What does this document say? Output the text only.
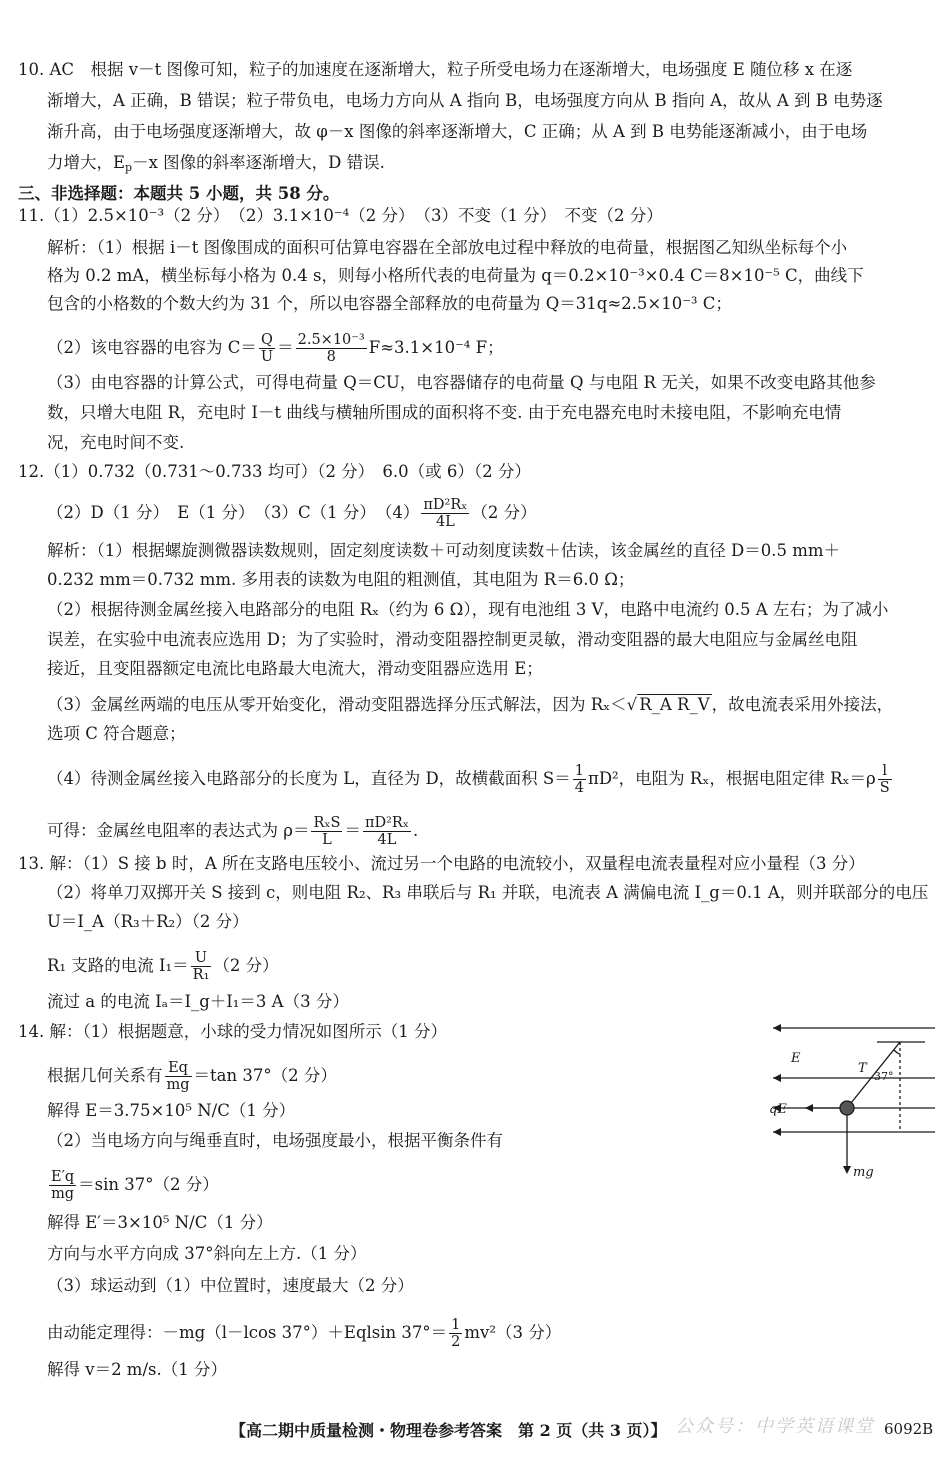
10. AC　根据 v－t 图像可知，粒子的加速度在逐渐增大，粒子所受电场力在逐渐增大，电场强度 E 随位移 x 在逐
渐增大，A 正确，B 错误；粒子带负电，电场力方向从 A 指向 B，电场强度方向从 B 指向 A，故从 A 到 B 电势逐
渐升高，由于电场强度逐渐增大，故 φ－x 图像的斜率逐渐增大，C 正确；从 A 到 B 电势能逐渐减小，由于电场
力增大，$E_p-x$ 图像的斜率逐渐增大，D 错误.
三、非选择题：本题共 5 小题，共 58 分。
11.（1）2.5×10⁻³（2 分）　（2）3.1×10⁻⁴（2 分）　（3）不变（1 分）　不变（2 分）
解析：（1）根据 i－t 图像围成的面积可估算电容器在全部放电过程中释放的电荷量，根据图乙知纵坐标每个小
格为 0.2 mA，横坐标每小格为 0.4 s，则每小格所代表的电荷量为 q＝0.2×10⁻³×0.4 C＝8×10⁻⁵ C，曲线下
包含的小格数的个数大约为 31 个，所以电容器全部释放的电荷量为 Q＝31q≈2.5×10⁻³ C；
（2）该电容器的电容为 $C= \frac{Q}{U} = \frac{\text{2.5×10⁻³}}{8} F\approx 3.1\times 10^{-4}$ F；
（3）由电容器的计算公式，可得电荷量 Q＝CU，电容器储存的电荷量 Q 与电阻 R 无关，如果不改变电路其他参
数，只增大电阻 R，充电时 I－t 曲线与横轴所围成的面积将不变. 由于充电器充电时未接电阻，不影响充电情
况，充电时间不变.
12.（1）0.732（0.731～0.733 均可）（2 分）　6.0（或 6）（2 分）
（2）D（1 分）　E（1 分）　（3）C（1 分）　$(4) \frac{\text{πD²Rₓ}}{4L} (2$ 分）
解析：（1）根据螺旋测微器读数规则，固定刻度读数＋可动刻度读数＋估读，该金属丝的直径 D＝0.5 mm＋
0.232 mm＝0.732 mm. 多用表的读数为电阻的粗测值，其电阻为 R＝6.0 Ω；
（2）根据待测金属丝接入电路部分的电阻 Rₓ（约为 6 Ω），现有电池组 3 V，电路中电流约 0.5 A 左右；为了减小
误差，在实验中电流表应选用 D；为了实验时，滑动变阻器控制更灵敏，滑动变阻器的最大电阻应与金属丝电阻
接近，且变阻器额定电流比电路最大电流大，滑动变阻器应选用 E；
（3）金属丝两端的电压从零开始变化，滑动变阻器选择分压式解法，因为 Rₓ＜√ R_A R_V ，故电流表采用外接法，
选项 C 符合题意；
（4）待测金属丝接入电路部分的长度为 L，直径为 D，故横截面积 $S= \frac{1}{4} \pi D^2$，电阻为 Rₓ，根据电阻定律 $R_x=\rho \frac{l}{S}$
可得：金属丝电阻率的表达式为 $\rho= \frac{\text{RₓS}}{L} = \frac{\text{πD²Rₓ}}{4L}$ .
13. 解：（1）S 接 b 时，A 所在支路电压较小、流过另一个电路的电流较小，双量程电流表量程对应小量程（3 分）
（2）将单刀双掷开关 S 接到 c，则电阻 R₂、R₃ 串联后与 R₁ 并联，电流表 A 满偏电流 I_g＝0.1 A，则并联部分的电压
U＝I_A（R₃＋R₂）（2 分）
R₁ 支路的电流 $I_1= \frac{U}{\text{R₁}} (2$ 分）
流过 a 的电流 Iₐ＝I_g＋I₁＝3 A（3 分）
14. 解：（1）根据题意，小球的受力情况如图所示（1 分）
根据几何关系有 $\frac{Eq}{mg} =\tan$ 37°（2 分）
解得 E＝3.75×10⁵ N/C（1 分）
（2）当电场方向与绳垂直时，电场强度最小，根据平衡条件有
$\frac{E'q}{mg} =\sin$ 37°（2 分）
解得 E′＝3×10⁵ N/C（1 分）
方向与水平方向成 37°斜向左上方.（1 分）
（3）球运动到（1）中位置时，速度最大（2 分）
由动能定理得：－mg（l－lcos 37°）＋Eqlsin $37^\circ= \frac{1}{2} mv^2(3$ 分）
解得 v＝2 m/s.（1 分）
E
T
37°
qE
mg
公众号：中学英语课堂
【高二期中质量检测・物理卷参考答案　第 2 页（共 3 页）】	6092B
